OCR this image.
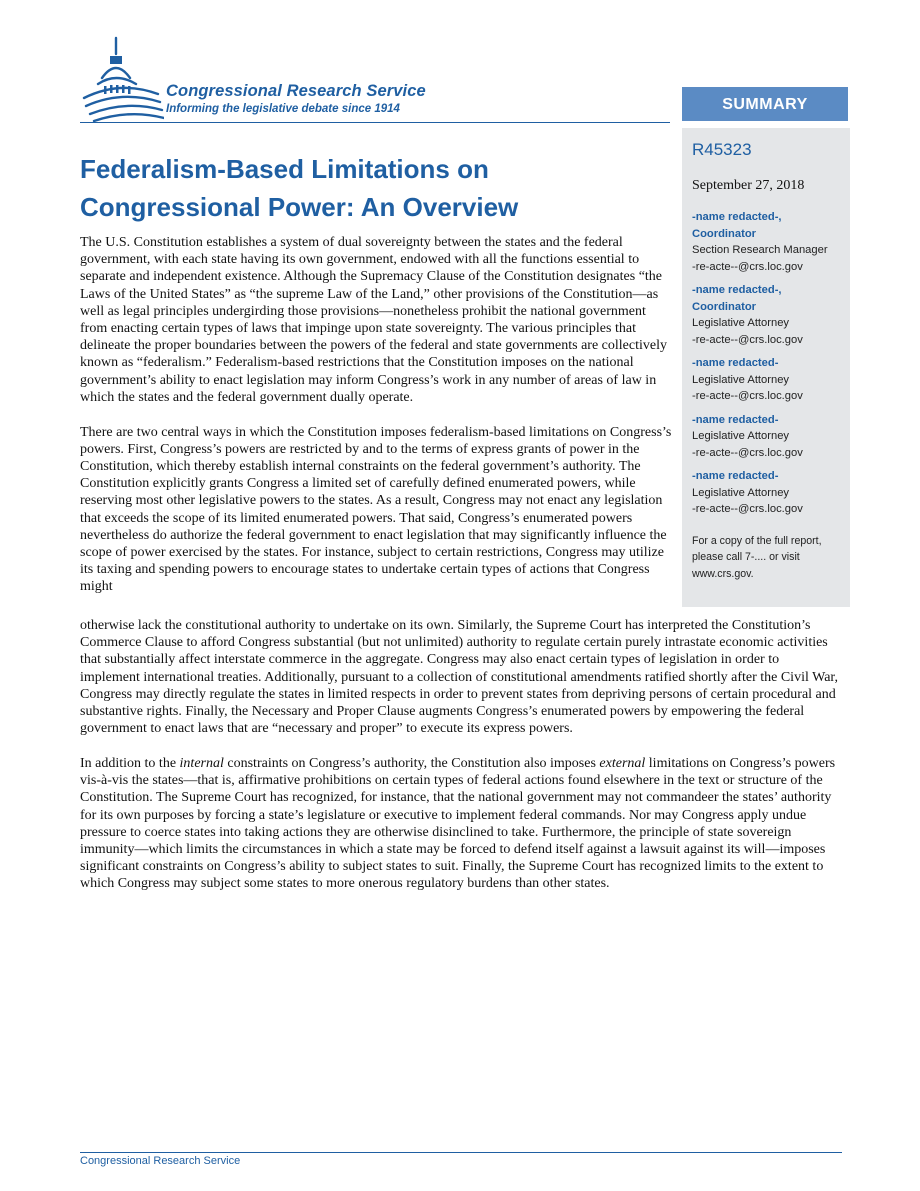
Congressional Research Service
Informing the legislative debate since 1914	SUMMARY
R45323
September 27, 2018
-name redacted-,
Coordinator
Section Research Manager
-re-acte--@crs.loc.gov
-name redacted-,
Coordinator
Legislative Attorney
-re-acte--@crs.loc.gov
-name redacted-
Legislative Attorney
-re-acte--@crs.loc.gov
-name redacted-
Legislative Attorney
-re-acte--@crs.loc.gov
-name redacted-
Legislative Attorney
-re-acte--@crs.loc.gov
For a copy of the full report, please call 7-.... or visit www.crs.gov.
Federalism-Based Limitations on Congressional Power: An Overview

The U.S. Constitution establishes a system of dual sovereignty between the states and the federal government, with each state having its own government, endowed with all the functions essential to separate and independent existence. Although the Supremacy Clause of the Constitution designates “the Laws of the United States” as “the supreme Law of the Land,” other provisions of the Constitution—as well as legal principles undergirding those provisions—nonetheless prohibit the national government from enacting certain types of laws that impinge upon state sovereignty. The various principles that delineate the proper boundaries between the powers of the federal and state governments are collectively known as “federalism.” Federalism-based restrictions that the Constitution imposes on the national government’s ability to enact legislation may inform Congress’s work in any number of areas of law in which the states and the federal government dually operate.

There are two central ways in which the Constitution imposes federalism-based limitations on Congress’s powers. First, Congress’s powers are restricted by and to the terms of express grants of power in the Constitution, which thereby establish internal constraints on the federal government’s authority. The Constitution explicitly grants Congress a limited set of carefully defined enumerated powers, while reserving most other legislative powers to the states. As a result, Congress may not enact any legislation that exceeds the scope of its limited enumerated powers. That said, Congress’s enumerated powers nevertheless do authorize the federal government to enact legislation that may significantly influence the scope of power exercised by the states. For instance, subject to certain restrictions, Congress may utilize its taxing and spending powers to encourage states to undertake certain types of actions that Congress might

otherwise lack the constitutional authority to undertake on its own. Similarly, the Supreme Court has interpreted the Constitution’s Commerce Clause to afford Congress substantial (but not unlimited) authority to regulate certain purely intrastate economic activities that substantially affect interstate commerce in the aggregate. Congress may also enact certain types of legislation in order to implement international treaties. Additionally, pursuant to a collection of constitutional amendments ratified shortly after the Civil War, Congress may directly regulate the states in limited respects in order to prevent states from depriving persons of certain procedural and substantive rights. Finally, the Necessary and Proper Clause augments Congress’s enumerated powers by empowering the federal government to enact laws that are “necessary and proper” to execute its express powers.

In addition to the internal constraints on Congress’s authority, the Constitution also imposes external limitations on Congress’s powers vis-à-vis the states—that is, affirmative prohibitions on certain types of federal actions found elsewhere in the text or structure of the Constitution. The Supreme Court has recognized, for instance, that the national government may not commandeer the states’ authority for its own purposes by forcing a state’s legislature or executive to implement federal commands. Nor may Congress apply undue pressure to coerce states into taking actions they are otherwise disinclined to take. Furthermore, the principle of state sovereign immunity—which limits the circumstances in which a state may be forced to defend itself against a lawsuit against its will—imposes significant constraints on Congress’s ability to subject states to suit. Finally, the Supreme Court has recognized limits to the extent to which Congress may subject some states to more onerous regulatory burdens than other states.

Congressional Research Service
